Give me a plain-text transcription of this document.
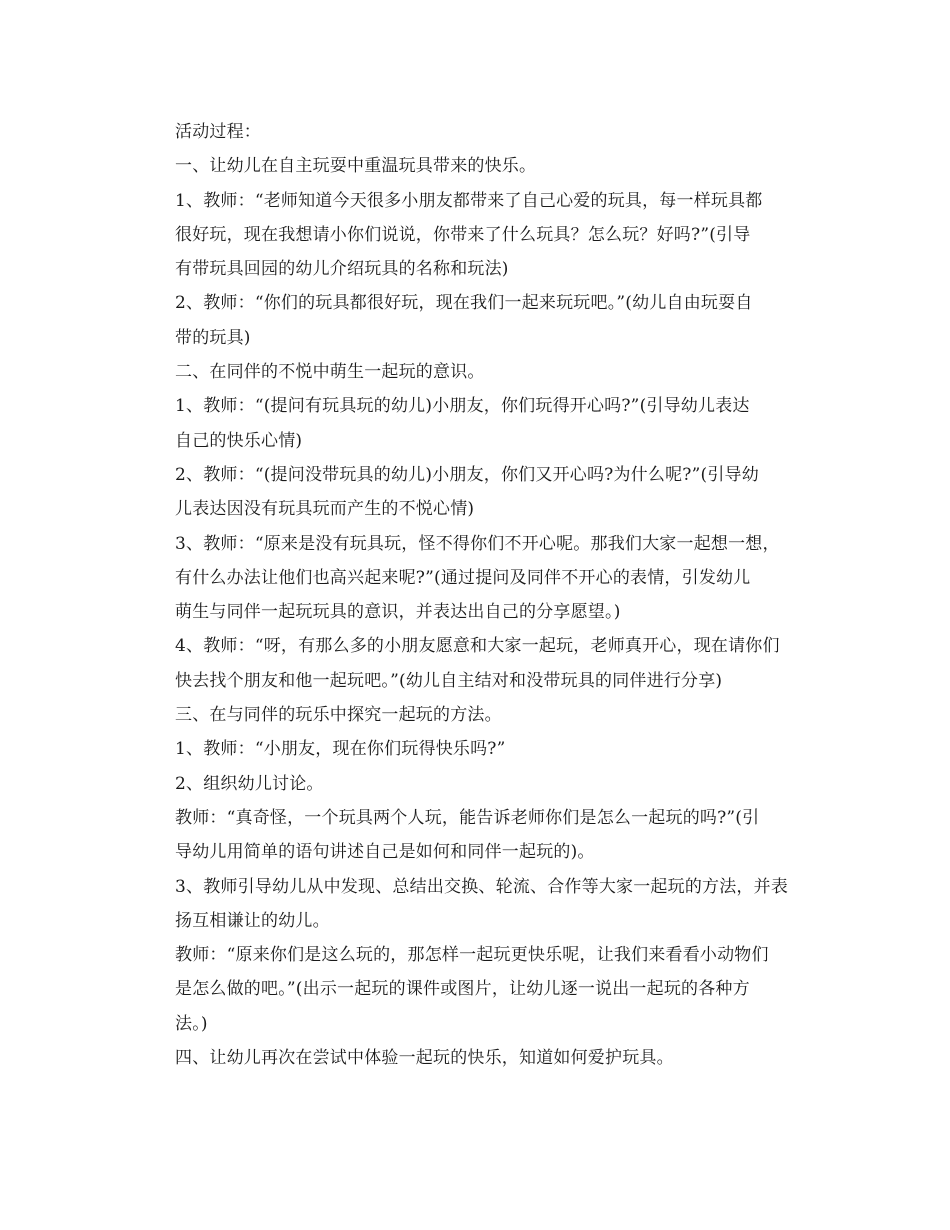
活动过程：

一、让幼儿在自主玩耍中重温玩具带来的快乐。

1、教师：“老师知道今天很多小朋友都带来了自己心爱的玩具，每一样玩具都

很好玩，现在我想请小你们说说，你带来了什么玩具？怎么玩？好吗?”(引导

有带玩具回园的幼儿介绍玩具的名称和玩法)

2、教师：“你们的玩具都很好玩，现在我们一起来玩玩吧。”(幼儿自由玩耍自

带的玩具)

二、在同伴的不悦中萌生一起玩的意识。

1、教师：“(提问有玩具玩的幼儿)小朋友，你们玩得开心吗?”(引导幼儿表达

自己的快乐心情)

2、教师：“(提问没带玩具的幼儿)小朋友，你们又开心吗?为什么呢?”(引导幼

儿表达因没有玩具玩而产生的不悦心情)

3、教师：“原来是没有玩具玩，怪不得你们不开心呢。那我们大家一起想一想，

有什么办法让他们也高兴起来呢?”(通过提问及同伴不开心的表情，引发幼儿

萌生与同伴一起玩玩具的意识，并表达出自己的分享愿望。)

4、教师：“呀，有那么多的小朋友愿意和大家一起玩，老师真开心，现在请你们

快去找个朋友和他一起玩吧。”(幼儿自主结对和没带玩具的同伴进行分享)

三、在与同伴的玩乐中探究一起玩的方法。

1、教师：“小朋友，现在你们玩得快乐吗?”

2、组织幼儿讨论。

教师：“真奇怪，一个玩具两个人玩，能告诉老师你们是怎么一起玩的吗?”(引

导幼儿用简单的语句讲述自己是如何和同伴一起玩的)。

3、教师引导幼儿从中发现、总结出交换、轮流、合作等大家一起玩的方法，并表

扬互相谦让的幼儿。

教师：“原来你们是这么玩的，那怎样一起玩更快乐呢，让我们来看看小动物们

是怎么做的吧。”(出示一起玩的课件或图片，让幼儿逐一说出一起玩的各种方

法。)

四、让幼儿再次在尝试中体验一起玩的快乐，知道如何爱护玩具。
